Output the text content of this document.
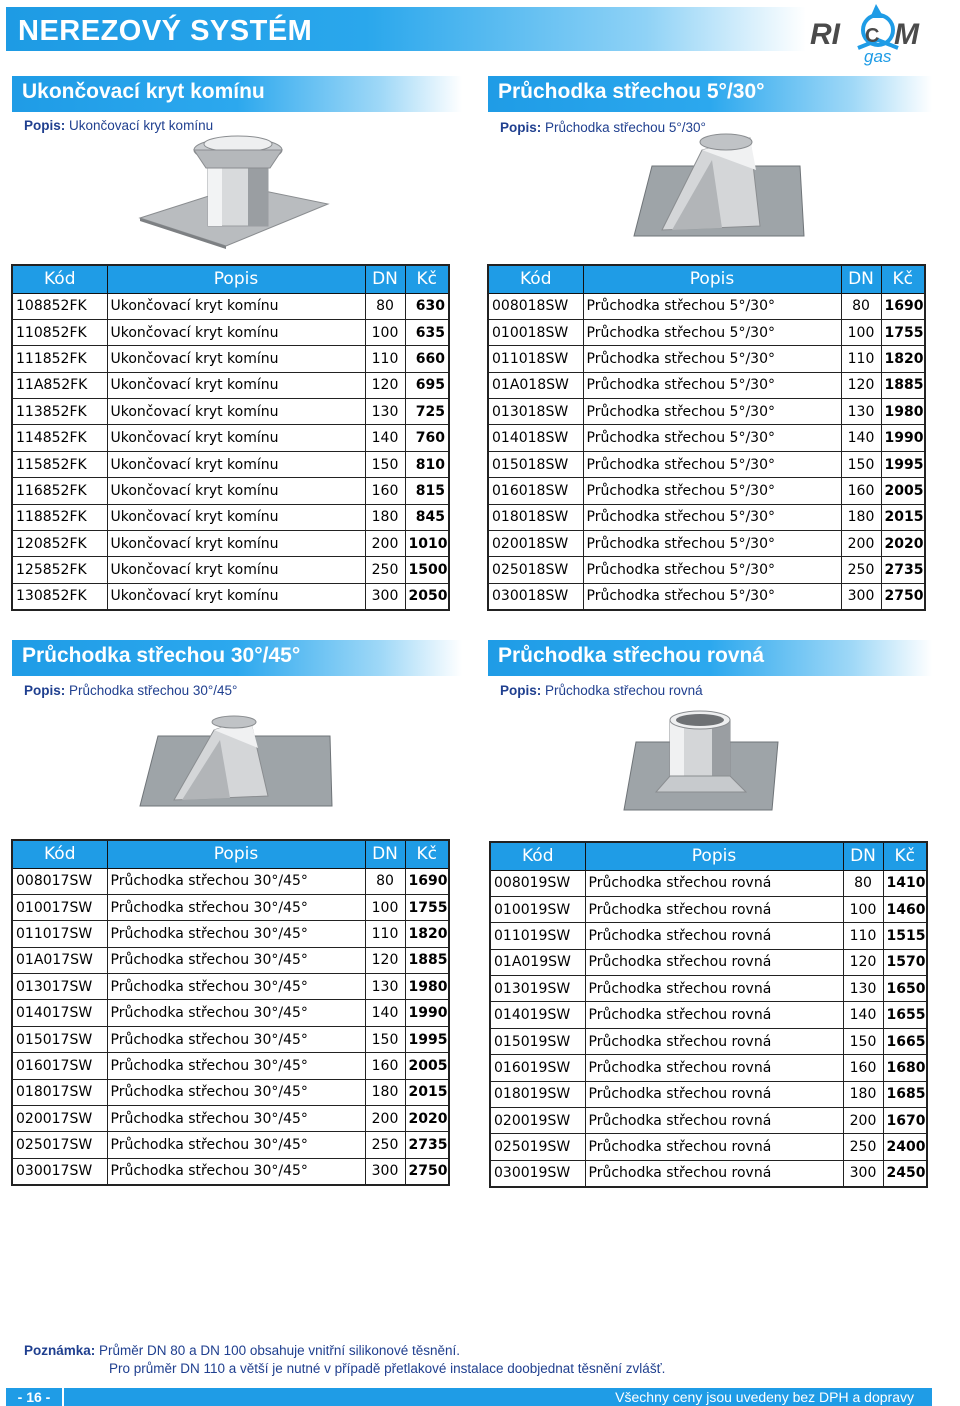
NEREZOVÝ SYSTÉM	RI M
C
gas
Ukončovací kryt komínu
Popis: Ukončovací kryt komínu
Průchodka střechou 5°/30°
Popis: Průchodka střechou 5°/30°
Průchodka střechou 30°/45°
Popis: Průchodka střechou 30°/45°
Průchodka střechou rovná
Popis: Průchodka střechou rovná
Kód	Popis	DN	Kč
108852FK	Ukončovací kryt komínu	80	630
110852FK	Ukončovací kryt komínu	100	635
111852FK	Ukončovací kryt komínu	110	660
11A852FK	Ukončovací kryt komínu	120	695
113852FK	Ukončovací kryt komínu	130	725
114852FK	Ukončovací kryt komínu	140	760
115852FK	Ukončovací kryt komínu	150	810
116852FK	Ukončovací kryt komínu	160	815
118852FK	Ukončovací kryt komínu	180	845
120852FK	Ukončovací kryt komínu	200	1010
125852FK	Ukončovací kryt komínu	250	1500
130852FK	Ukončovací kryt komínu	300	2050
Kód	Popis	DN	Kč
008018SW	Průchodka střechou 5°/30°	80	1690
010018SW	Průchodka střechou 5°/30°	100	1755
011018SW	Průchodka střechou 5°/30°	110	1820
01A018SW	Průchodka střechou 5°/30°	120	1885
013018SW	Průchodka střechou 5°/30°	130	1980
014018SW	Průchodka střechou 5°/30°	140	1990
015018SW	Průchodka střechou 5°/30°	150	1995
016018SW	Průchodka střechou 5°/30°	160	2005
018018SW	Průchodka střechou 5°/30°	180	2015
020018SW	Průchodka střechou 5°/30°	200	2020
025018SW	Průchodka střechou 5°/30°	250	2735
030018SW	Průchodka střechou 5°/30°	300	2750
Kód	Popis	DN	Kč
008017SW	Průchodka střechou 30°/45°	80	1690
010017SW	Průchodka střechou 30°/45°	100	1755
011017SW	Průchodka střechou 30°/45°	110	1820
01A017SW	Průchodka střechou 30°/45°	120	1885
013017SW	Průchodka střechou 30°/45°	130	1980
014017SW	Průchodka střechou 30°/45°	140	1990
015017SW	Průchodka střechou 30°/45°	150	1995
016017SW	Průchodka střechou 30°/45°	160	2005
018017SW	Průchodka střechou 30°/45°	180	2015
020017SW	Průchodka střechou 30°/45°	200	2020
025017SW	Průchodka střechou 30°/45°	250	2735
030017SW	Průchodka střechou 30°/45°	300	2750
Kód	Popis	DN	Kč
008019SW	Průchodka střechou rovná	80	1410
010019SW	Průchodka střechou rovná	100	1460
011019SW	Průchodka střechou rovná	110	1515
01A019SW	Průchodka střechou rovná	120	1570
013019SW	Průchodka střechou rovná	130	1650
014019SW	Průchodka střechou rovná	140	1655
015019SW	Průchodka střechou rovná	150	1665
016019SW	Průchodka střechou rovná	160	1680
018019SW	Průchodka střechou rovná	180	1685
020019SW	Průchodka střechou rovná	200	1670
025019SW	Průchodka střechou rovná	250	2400
030019SW	Průchodka střechou rovná	300	2450
Poznámka: Průměr DN 80 a DN 100 obsahuje vnitřní silikonové těsnění.
Pro průměr DN 110 a větší je nutné v případě přetlakové instalace doobjednat těsnění zvlášť.
- 16 -	Všechny ceny jsou uvedeny bez DPH a dopravy
